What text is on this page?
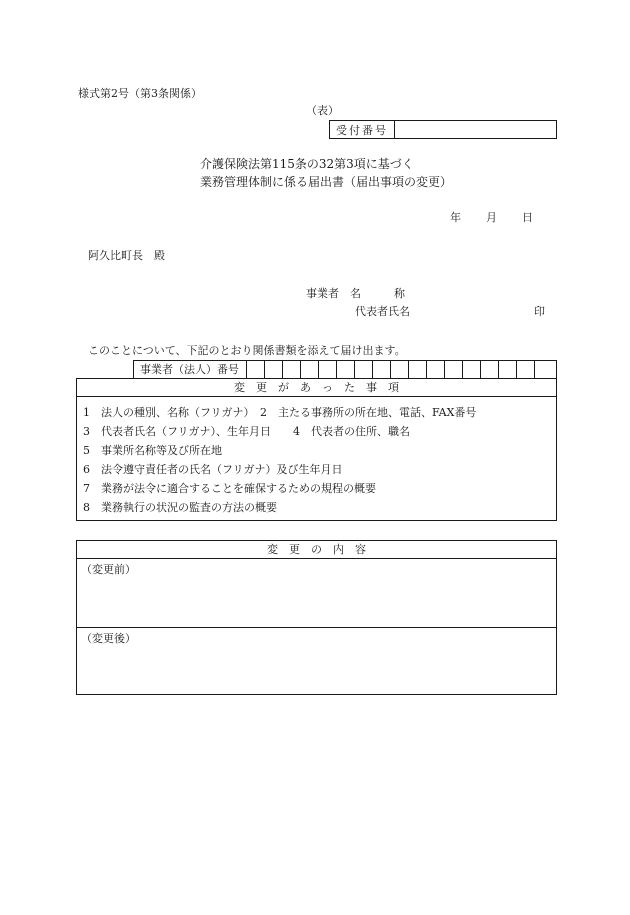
様式第2号（第3条関係）
（表）
受付番号
介護保険法第115条の32第3項に基づく
業務管理体制に係る届出書（届出事項の変更）
年 月 日
阿久比町長　殿
事業者　名　　　称
代表者氏名	印
このことについて、下記のとおり関係書類を添えて届け出ます。
事業者（法人）番号
変　更　が　あ　っ　た　事　項
1　法人の種別、名称（フリガナ）　2　主たる事務所の所在地、電話、FAX番号
3　代表者氏名（フリガナ）、生年月日　　4　代表者の住所、職名
5　事業所名称等及び所在地
6　法令遵守責任者の氏名（フリガナ）及び生年月日
7　業務が法令に適合することを確保するための規程の概要
8　業務執行の状況の監査の方法の概要
変　更　の　内　容
（変更前）
（変更後）
